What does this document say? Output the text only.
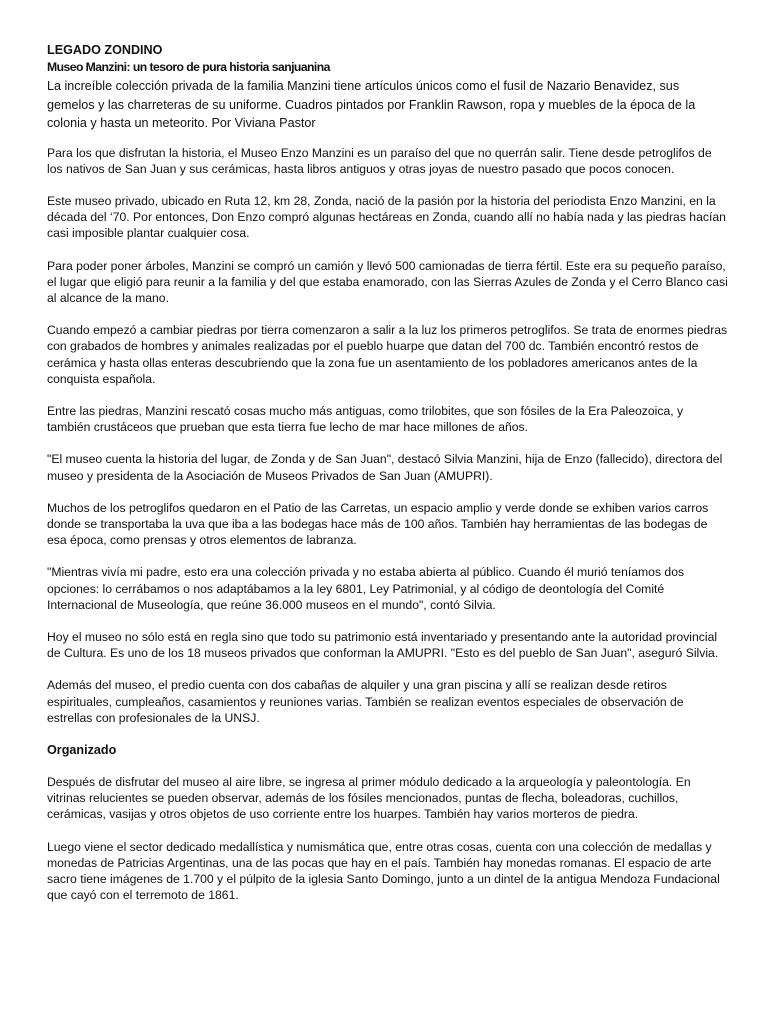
LEGADO ZONDINO

Museo Manzini: un tesoro de pura historia sanjuanina

La increíble colección privada de la familia Manzini tiene artículos únicos como el fusil de Nazario Benavidez, sus gemelos y las charreteras de su uniforme. Cuadros pintados por Franklin Rawson, ropa y muebles de la época de la colonia y hasta un meteorito. Por Viviana Pastor

Para los que disfrutan la historia, el Museo Enzo Manzini es un paraíso del que no querrán salir. Tiene desde petroglifos de los nativos de San Juan y sus cerámicas, hasta libros antiguos y otras joyas de nuestro pasado que pocos conocen.

Este museo privado, ubicado en Ruta 12, km 28, Zonda, nació de la pasión por la historia del periodista Enzo Manzini, en la década del ‘70. Por entonces, Don Enzo compró algunas hectáreas en Zonda, cuando allí no había nada y las piedras hacían casi imposible plantar cualquier cosa.

Para poder poner árboles, Manzini se compró un camión y llevó 500 camionadas de tierra fértil. Este era su pequeño paraíso, el lugar que eligió para reunir a la familia y del que estaba enamorado, con las Sierras Azules de Zonda y el Cerro Blanco casi al alcance de la mano.

Cuando empezó a cambiar piedras por tierra comenzaron a salir a la luz los primeros petroglifos. Se trata de enormes piedras con grabados de hombres y animales realizadas por el pueblo huarpe que datan del 700 dc. También encontró restos de cerámica y hasta ollas enteras descubriendo que la zona fue un asentamiento de los pobladores americanos antes de la conquista española.

Entre las piedras, Manzini rescató cosas mucho más antiguas, como trilobites, que son fósiles de la Era Paleozoica, y también crustáceos que prueban que esta tierra fue lecho de mar hace millones de años.

"El museo cuenta la historia del lugar, de Zonda y de San Juan", destacó Silvia Manzini, hija de Enzo (fallecido), directora del museo y presidenta de la Asociación de Museos Privados de San Juan (AMUPRI).

Muchos de los petroglifos quedaron en el Patio de las Carretas, un espacio amplio y verde donde se exhiben varios carros donde se transportaba la uva que iba a las bodegas hace más de 100 años. También hay herramientas de las bodegas de esa época, como prensas y otros elementos de labranza.

"Mientras vivía mi padre, esto era una colección privada y no estaba abierta al público. Cuando él murió teníamos dos opciones: lo cerrábamos o nos adaptábamos a la ley 6801, Ley Patrimonial, y al código de deontología del Comité Internacional de Museología, que reúne 36.000 museos en el mundo", contó Silvia.

Hoy el museo no sólo está en regla sino que todo su patrimonio está inventariado y presentando ante la autoridad provincial de Cultura. Es uno de los 18 museos privados que conforman la AMUPRI. "Esto es del pueblo de San Juan", aseguró Silvia.

Además del museo, el predio cuenta con dos cabañas de alquiler y una gran piscina y allí se realizan desde retiros espirituales, cumpleaños, casamientos y reuniones varias. También se realizan eventos especiales de observación de estrellas con profesionales de la UNSJ.

Organizado

Después de disfrutar del museo al aire libre, se ingresa al primer módulo dedicado a la arqueología y paleontología. En vitrinas relucientes se pueden observar, además de los fósiles mencionados, puntas de flecha, boleadoras, cuchillos, cerámicas, vasijas y otros objetos de uso corriente entre los huarpes. También hay varios morteros de piedra.

Luego viene el sector dedicado medallística y numismática que, entre otras cosas, cuenta con una colección de medallas y monedas de Patricias Argentinas, una de las pocas que hay en el país. También hay monedas romanas. El espacio de arte sacro tiene imágenes de 1.700 y el púlpito de la iglesia Santo Domingo, junto a un dintel de la antigua Mendoza Fundacional que cayó con el terremoto de 1861.
